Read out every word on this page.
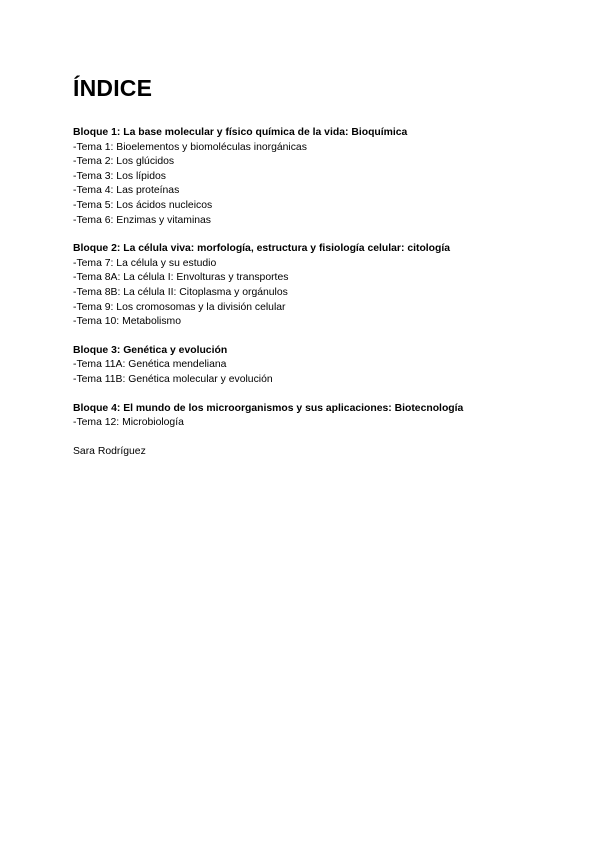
ÍNDICE
Bloque 1: La base molecular y físico química de la vida: Bioquímica
-Tema 1: Bioelementos y biomoléculas inorgánicas
-Tema 2: Los glúcidos
-Tema 3: Los lípidos
-Tema 4: Las proteínas
-Tema 5: Los ácidos nucleicos
-Tema 6: Enzimas y vitaminas
Bloque 2: La célula viva: morfología, estructura y fisiología celular: citología
-Tema 7: La célula y su estudio
-Tema 8A: La célula I: Envolturas y transportes
-Tema 8B: La célula II: Citoplasma y orgánulos
-Tema 9: Los cromosomas y la división celular
-Tema 10: Metabolismo
Bloque 3: Genética y evolución
-Tema 11A: Genética mendeliana
-Tema 11B: Genética molecular y evolución
Bloque 4: El mundo de los microorganismos y sus aplicaciones: Biotecnología
-Tema 12: Microbiología
Sara Rodríguez
